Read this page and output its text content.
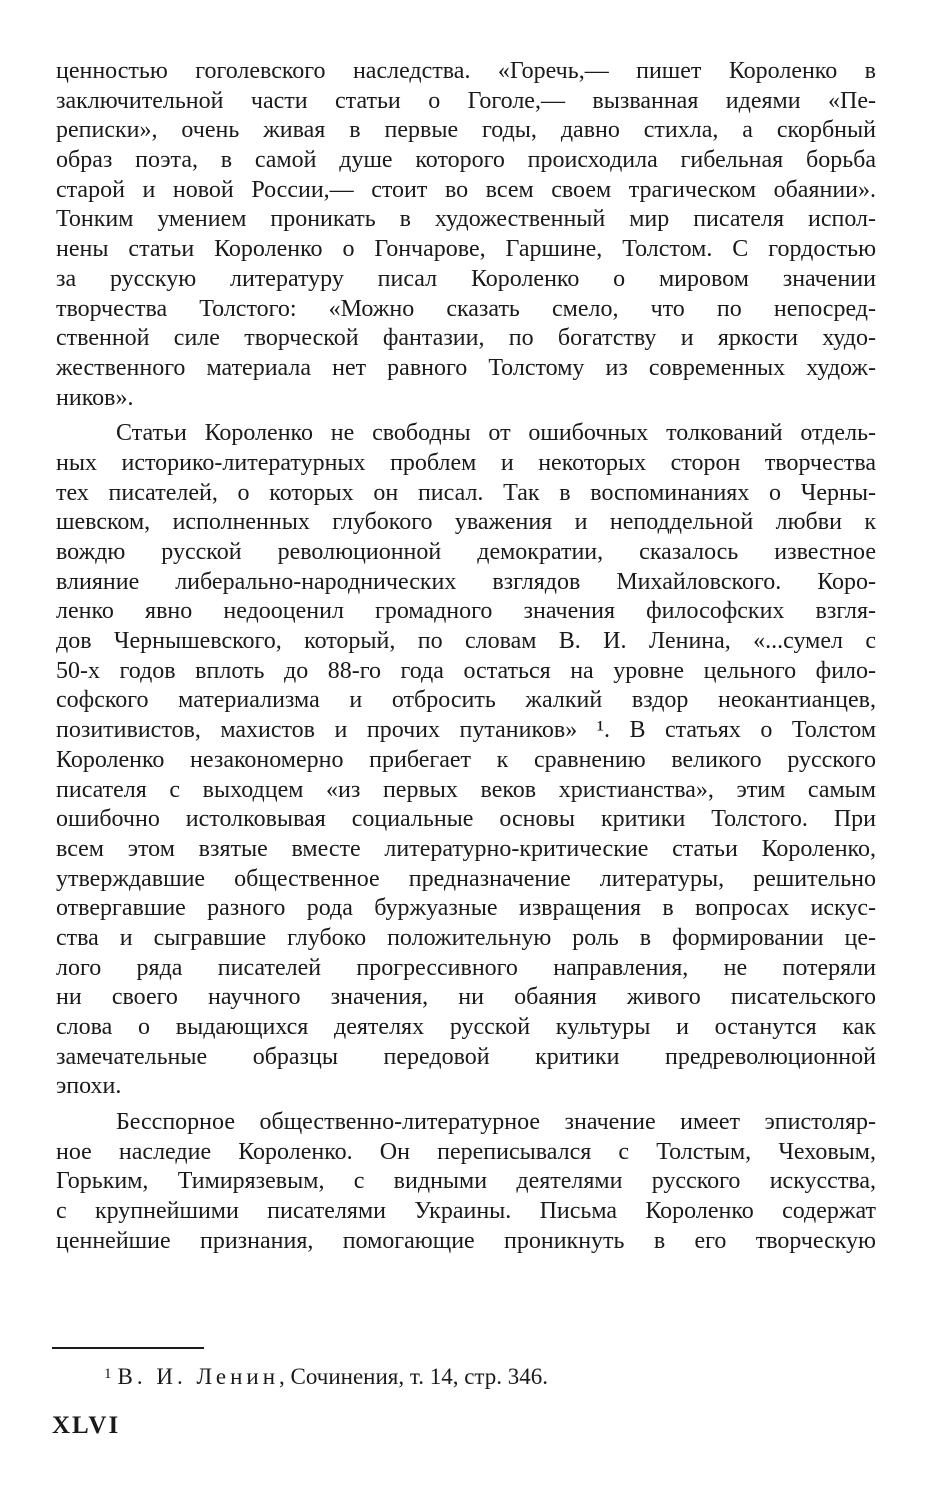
ценностью гоголевского наследства. «Горечь,— пишет Короленко в
заключительной части статьи о Гоголе,— вызванная идеями «Пе-
реписки», очень живая в первые годы, давно стихла, а скорбный
образ поэта, в самой душе которого происходила гибельная борьба
старой и новой России,— стоит во всем своем трагическом обаянии».
Тонким умением проникать в художественный мир писателя испол-
нены статьи Короленко о Гончарове, Гаршине, Толстом. С гордостью
за русскую литературу писал Короленко о мировом значении
творчества Толстого: «Можно сказать смело, что по непосред-
ственной силе творческой фантазии, по богатству и яркости худо-
жественного материала нет равного Толстому из современных худож-
ников».
Статьи Короленко не свободны от ошибочных толкований отдель-
ных историко-литературных проблем и некоторых сторон творчества
тех писателей, о которых он писал. Так в воспоминаниях о Черны-
шевском, исполненных глубокого уважения и неподдельной любви к
вождю русской революционной демократии, сказалось известное
влияние либерально-народнических взглядов Михайловского. Коро-
ленко явно недооценил громадного значения философских взгля-
дов Чернышевского, который, по словам В. И. Ленина, «...сумел с
50-х годов вплоть до 88-го года остаться на уровне цельного фило-
софского материализма и отбросить жалкий вздор неокантианцев,
позитивистов, махистов и прочих путаников» ¹. В статьях о Толстом
Короленко незакономерно прибегает к сравнению великого русского
писателя с выходцем «из первых веков христианства», этим самым
ошибочно истолковывая социальные основы критики Толстого. При
всем этом взятые вместе литературно-критические статьи Короленко,
утверждавшие общественное предназначение литературы, решительно
отвергавшие разного рода буржуазные извращения в вопросах искус-
ства и сыгравшие глубоко положительную роль в формировании це-
лого ряда писателей прогрессивного направления, не потеряли
ни своего научного значения, ни обаяния живого писательского
слова о выдающихся деятелях русской культуры и останутся как
замечательные образцы передовой критики предреволюционной
эпохи.
Бесспорное общественно-литературное значение имеет эпистоляр-
ное наследие Короленко. Он переписывался с Толстым, Чеховым,
Горьким, Тимирязевым, с видными деятелями русского искусства,
с крупнейшими писателями Украины. Письма Короленко содержат
ценнейшие признания, помогающие проникнуть в его творческую
$^1$ В. И. Ленин, Сочинения, т. 14, стр. 346.
XLVI
